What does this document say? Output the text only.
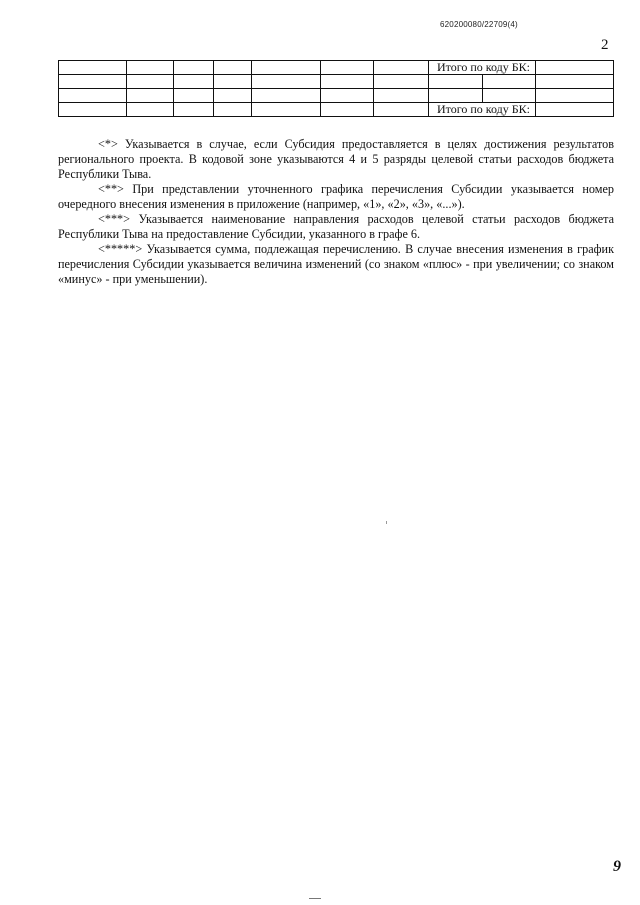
620200080/22709(4)
2
							Итого по коду БК:		

							Итого по коду БК:		

<*> Указывается в случае, если Субсидия предоставляется в целях достижения результатов регионального проекта. В кодовой зоне указываются 4 и 5 разряды целевой статьи расходов бюджета Республики Тыва.

<**> При представлении уточненного графика перечисления Субсидии указывается номер очередного внесения изменения в приложение (например, «1», «2», «3», «...»).

<***> Указывается наименование направления расходов целевой статьи расходов бюджета Республики Тыва на предоставление Субсидии, указанного в графе 6.

<*****> Указывается сумма, подлежащая перечислению. В случае внесения изменения в график перечисления Субсидии указывается величина изменений (со знаком «плюс» - при увеличении; со знаком «минус» - при уменьшении).

9
